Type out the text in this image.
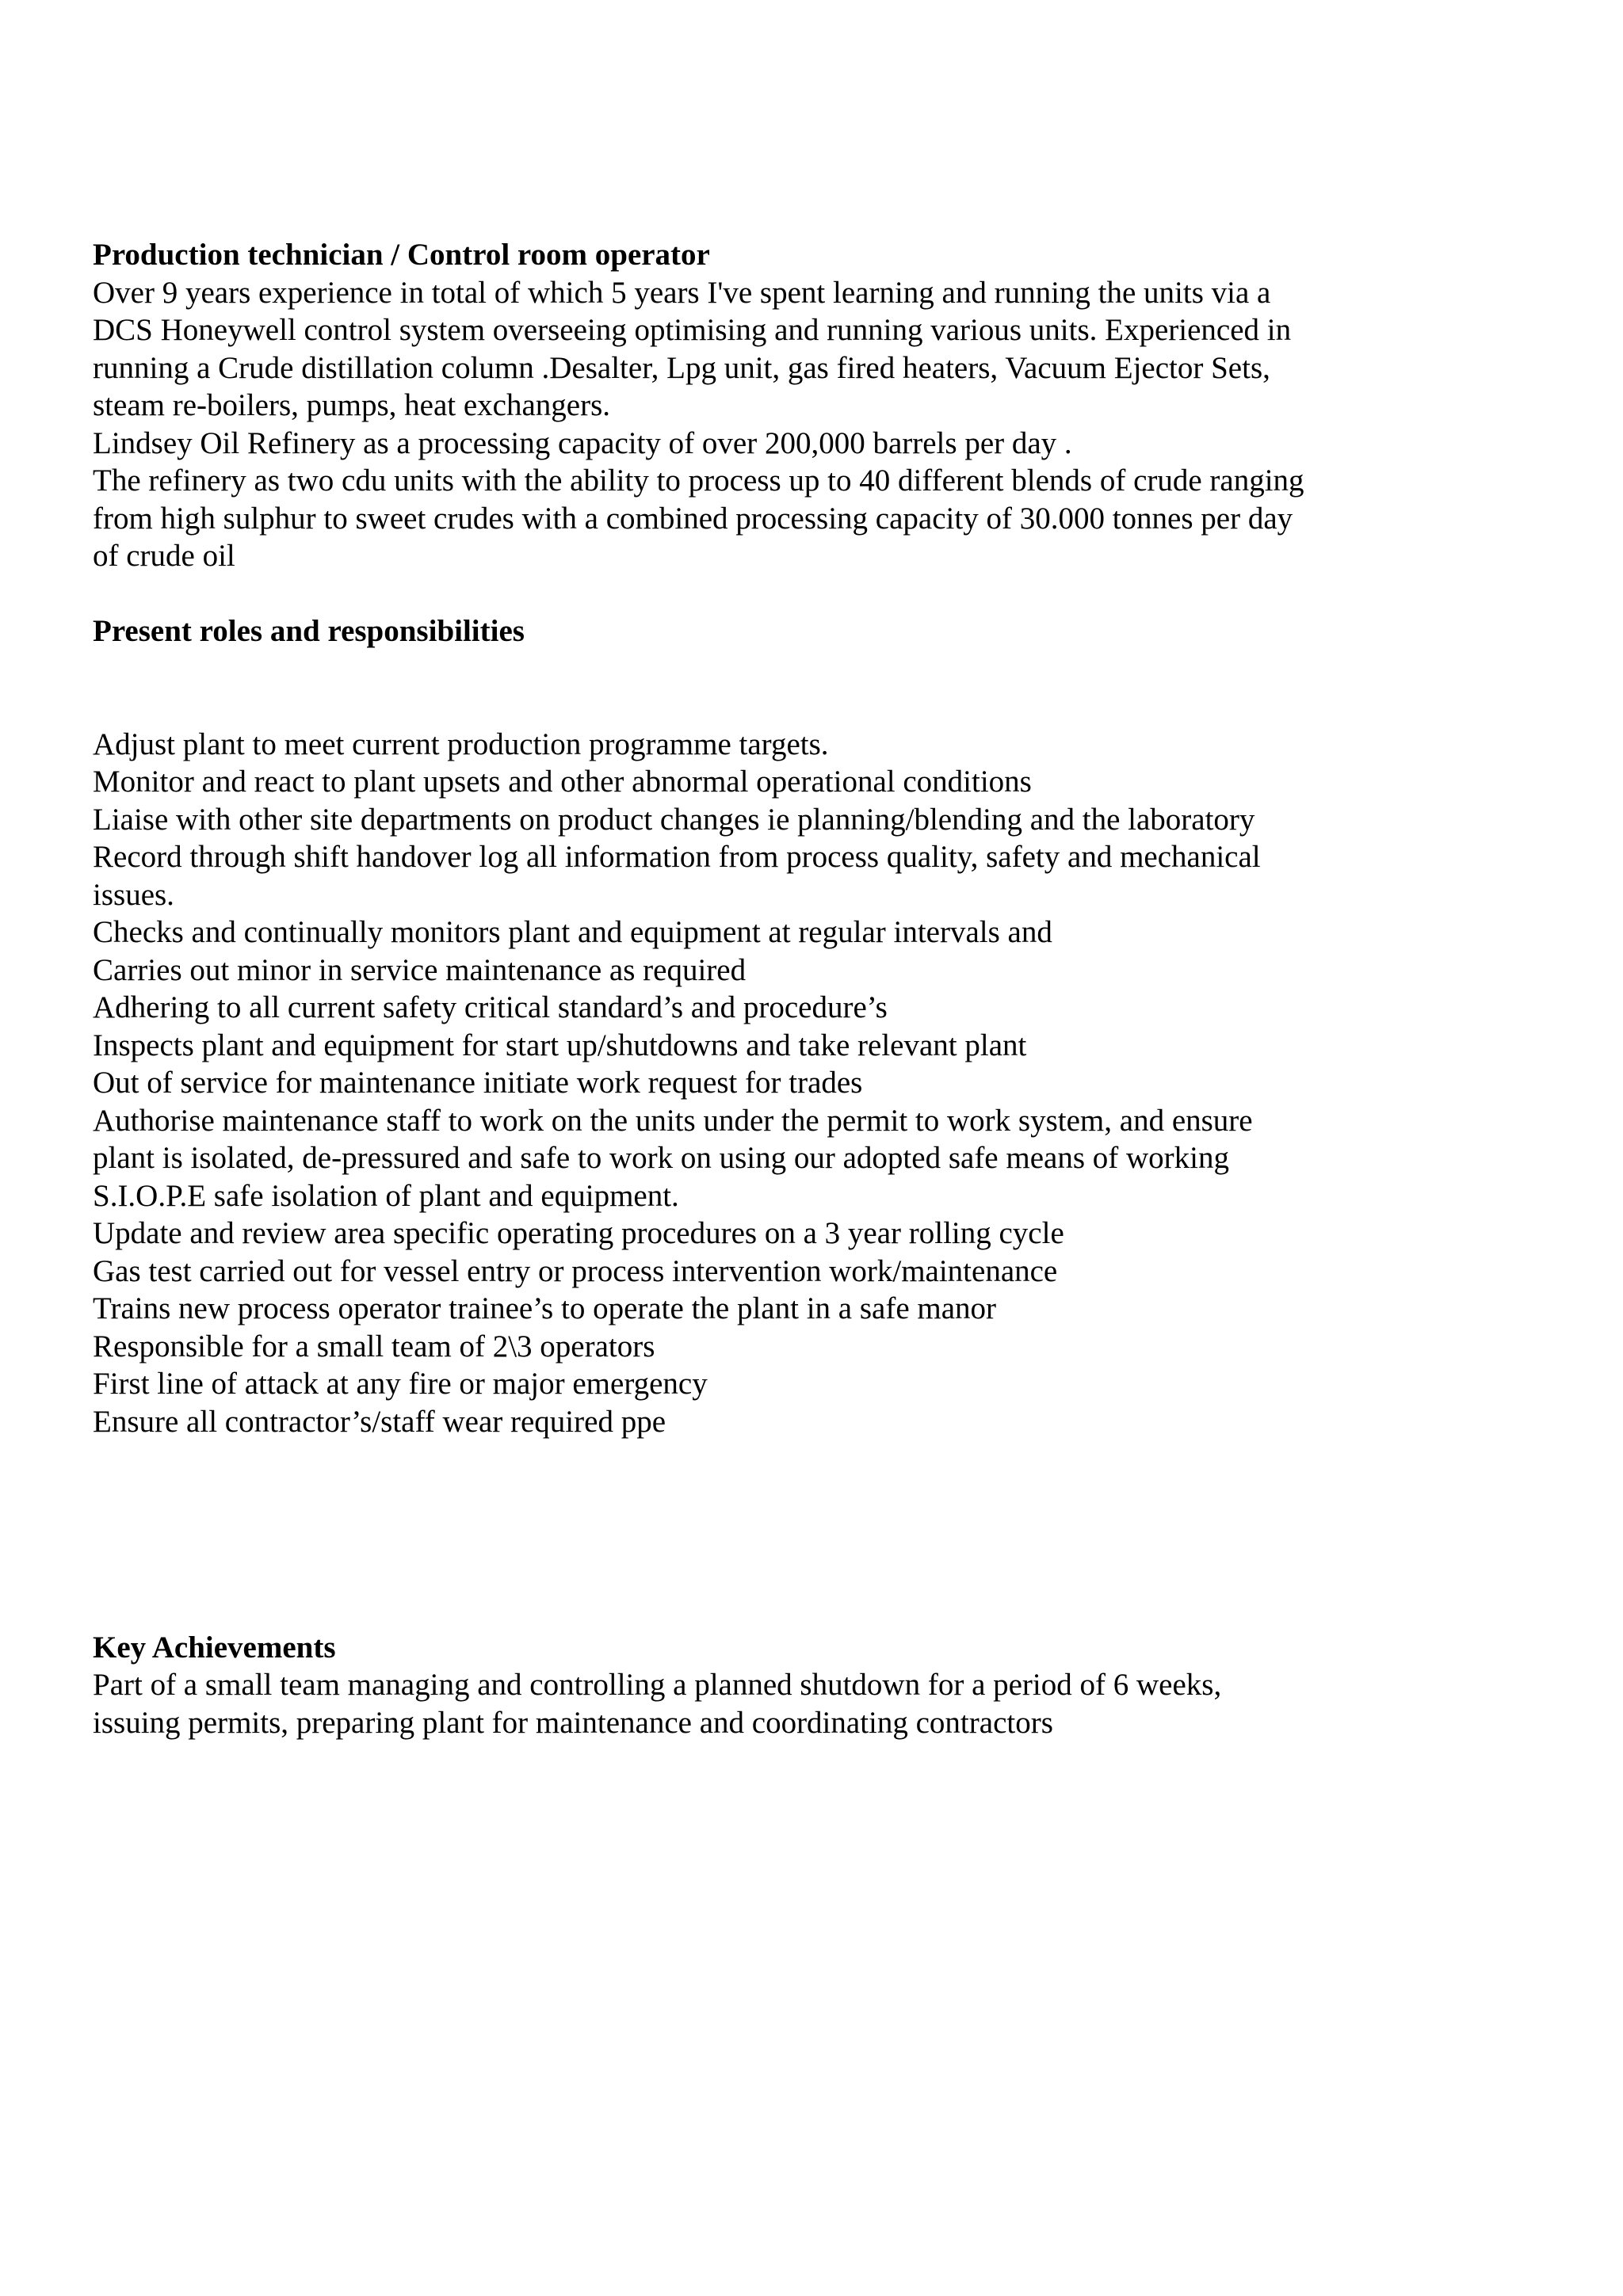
Production technician / Control room operator

Over 9 years experience in total of which 5 years I've spent learning and running the units via a

DCS Honeywell control system overseeing optimising and running various units. Experienced in

running a Crude distillation column .Desalter, Lpg unit, gas fired heaters, Vacuum Ejector Sets,

steam re-boilers, pumps, heat exchangers.

Lindsey Oil Refinery as a processing capacity of over 200,000 barrels per day .

The refinery as two cdu units with the ability to process up to 40 different blends of crude ranging

from high sulphur to sweet crudes with a combined processing capacity of 30.000 tonnes per day

of crude oil

Present roles and responsibilities

Adjust plant to meet current production programme targets.

Monitor and react to plant upsets and other abnormal operational conditions

Liaise with other site departments on product changes ie planning/blending and the laboratory

Record through shift handover log all information from process quality, safety and mechanical

issues.

Checks and continually monitors plant and equipment at regular intervals and

Carries out minor in service maintenance as required

Adhering to all current safety critical standard’s and procedure’s

Inspects plant and equipment for start up/shutdowns and take relevant plant

Out of service for maintenance initiate work request for trades

Authorise maintenance staff to work on the units under the permit to work system, and ensure

plant is isolated, de-pressured and safe to work on using our adopted safe means of working

S.I.O.P.E safe isolation of plant and equipment.

Update and review area specific operating procedures on a 3 year rolling cycle

Gas test carried out for vessel entry or process intervention work/maintenance

Trains new process operator trainee’s to operate the plant in a safe manor

Responsible for a small team of 2\3 operators

First line of attack at any fire or major emergency

Ensure all contractor’s/staff wear required ppe

Key Achievements

Part of a small team managing and controlling a planned shutdown for a period of 6 weeks,

issuing permits, preparing plant for maintenance and coordinating contractors
